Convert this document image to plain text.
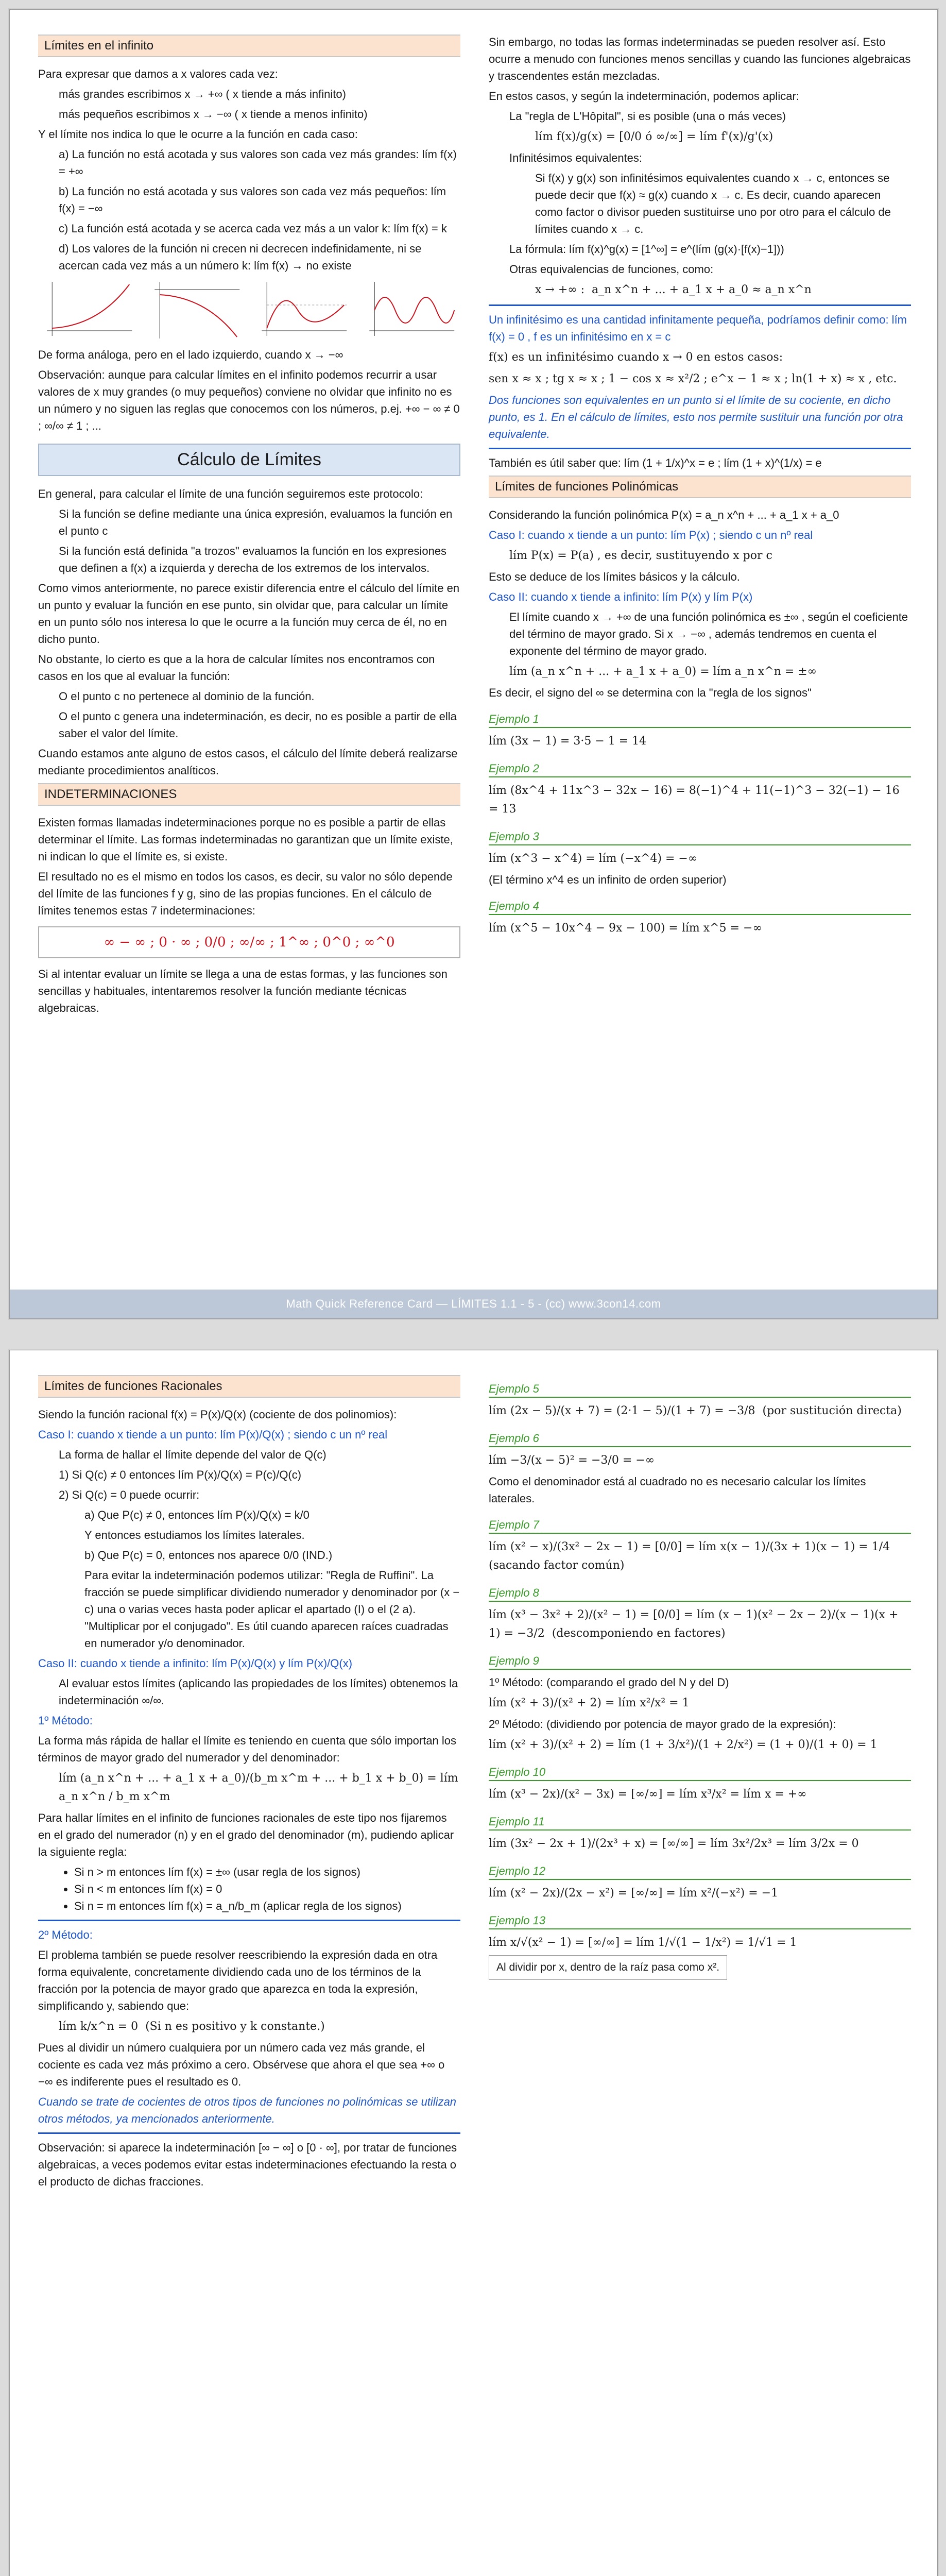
Límites en el infinito

Para expresar que damos a x valores cada vez:

más grandes escribimos x → +∞ ( x tiende a más infinito)

más pequeños escribimos x → −∞ ( x tiende a menos infinito)

Y el límite nos indica lo que le ocurre a la función en cada caso:

a) La función no está acotada y sus valores son cada vez más grandes: lím f(x) = +∞

b) La función no está acotada y sus valores son cada vez más pequeños: lím f(x) = −∞

c) La función está acotada y se acerca cada vez más a un valor k: lím f(x) = k

d) Los valores de la función ni crecen ni decrecen indefinidamente, ni se acercan cada vez más a un número k: lím f(x) → no existe

De forma análoga, pero en el lado izquierdo, cuando x → −∞

Observación: aunque para calcular límites en el infinito podemos recurrir a usar valores de x muy grandes (o muy pequeños) conviene no olvidar que infinito no es un número y no siguen las reglas que conocemos con los números, p.ej. +∞ − ∞ ≠ 0 ; ∞/∞ ≠ 1 ; ...

Cálculo de Límites

En general, para calcular el límite de una función seguiremos este protocolo:

Si la función se define mediante una única expresión, evaluamos la función en el punto c

Si la función está definida "a trozos" evaluamos la función en los expresiones que definen a f(x) a izquierda y derecha de los extremos de los intervalos.

Como vimos anteriormente, no parece existir diferencia entre el cálculo del límite en un punto y evaluar la función en ese punto, sin olvidar que, para calcular un límite en un punto sólo nos interesa lo que le ocurre a la función muy cerca de él, no en dicho punto.

No obstante, lo cierto es que a la hora de calcular límites nos encontramos con casos en los que al evaluar la función:

O el punto c no pertenece al dominio de la función.

O el punto c genera una indeterminación, es decir, no es posible a partir de ella saber el valor del límite.

Cuando estamos ante alguno de estos casos, el cálculo del límite deberá realizarse mediante procedimientos analíticos.

INDETERMINACIONES

Existen formas llamadas indeterminaciones porque no es posible a partir de ellas determinar el límite. Las formas indeterminadas no garantizan que un límite existe, ni indican lo que el límite es, si existe.

El resultado no es el mismo en todos los casos, es decir, su valor no sólo depende del límite de las funciones f y g, sino de las propias funciones. En el cálculo de límites tenemos estas 7 indeterminaciones:

∞ − ∞ ; 0 · ∞ ; 0/0 ; ∞/∞ ; 1^∞ ; 0^0 ; ∞^0

Si al intentar evaluar un límite se llega a una de estas formas, y las funciones son sencillas y habituales, intentaremos resolver la función mediante técnicas algebraicas.

Sin embargo, no todas las formas indeterminadas se pueden resolver así. Esto ocurre a menudo con funciones menos sencillas y cuando las funciones algebraicas y trascendentes están mezcladas.

En estos casos, y según la indeterminación, podemos aplicar:

La "regla de L'Hôpital", si es posible (una o más veces)

lím f(x)/g(x) = [0/0 ó ∞/∞] = lím f'(x)/g'(x)

Infinitésimos equivalentes:

Si f(x) y g(x) son infinitésimos equivalentes cuando x → c, entonces se puede decir que f(x) ≈ g(x) cuando x → c. Es decir, cuando aparecen como factor o divisor pueden sustituirse uno por otro para el cálculo de límites cuando x → c.

La fórmula: lím f(x)^g(x) = [1^∞] = e^(lím (g(x)·[f(x)−1]))

Otras equivalencias de funciones, como:

x → +∞ :  a_n x^n + ... + a_1 x + a_0 ≈ a_n x^n

Un infinitésimo es una cantidad infinitamente pequeña, podríamos definir como: lím f(x) = 0 , f es un infinitésimo en x = c

f(x) es un infinitésimo cuando x → 0 en estos casos:
sen x ≈ x ; tg x ≈ x ; 1 − cos x ≈ x²/2 ; e^x − 1 ≈ x ; ln(1 + x) ≈ x , etc.

Dos funciones son equivalentes en un punto si el límite de su cociente, en dicho punto, es 1. En el cálculo de límites, esto nos permite sustituir una función por otra equivalente.

También es útil saber que: lím (1 + 1/x)^x = e ; lím (1 + x)^(1/x) = e

Límites de funciones Polinómicas

Considerando la función polinómica P(x) = a_n x^n + ... + a_1 x + a_0

Caso I: cuando x tiende a un punto: lím P(x) ; siendo c un nº real

lím P(x) = P(a) , es decir, sustituyendo x por c

Esto se deduce de los límites básicos y la cálculo.

Caso II: cuando x tiende a infinito: lím P(x) y lím P(x)

El límite cuando x → +∞ de una función polinómica es ±∞ , según el coeficiente del término de mayor grado. Si x → −∞ , además tendremos en cuenta el exponente del término de mayor grado.

lím (a_n x^n + ... + a_1 x + a_0) = lím a_n x^n = ±∞

Es decir, el signo del ∞ se determina con la "regla de los signos"

Ejemplo 1
lím (3x − 1) = 3·5 − 1 = 14
Ejemplo 2
lím (8x^4 + 11x^3 − 32x − 16) = 8(−1)^4 + 11(−1)^3 − 32(−1) − 16 = 13
Ejemplo 3
lím (x^3 − x^4) = lím (−x^4) = −∞

(El término x^4 es un infinito de orden superior)

Ejemplo 4
lím (x^5 − 10x^4 − 9x − 100) = lím x^5 = −∞
Math Quick Reference Card — LÍMITES 1.1 - 5 - (cc) www.3con14.com
Límites de funciones Racionales

Siendo la función racional f(x) = P(x)/Q(x) (cociente de dos polinomios):

Caso I: cuando x tiende a un punto: lím P(x)/Q(x) ; siendo c un nº real

La forma de hallar el límite depende del valor de Q(c)

1) Si Q(c) ≠ 0 entonces lím P(x)/Q(x) = P(c)/Q(c)

2) Si Q(c) = 0 puede ocurrir:

a) Que P(c) ≠ 0, entonces lím P(x)/Q(x) = k/0

Y entonces estudiamos los límites laterales.

b) Que P(c) = 0, entonces nos aparece 0/0 (IND.)

Para evitar la indeterminación podemos utilizar: "Regla de Ruffini". La fracción se puede simplificar dividiendo numerador y denominador por (x − c) una o varias veces hasta poder aplicar el apartado (I) o el (2 a). "Multiplicar por el conjugado". Es útil cuando aparecen raíces cuadradas en numerador y/o denominador.

Caso II: cuando x tiende a infinito: lím P(x)/Q(x) y lím P(x)/Q(x)

Al evaluar estos límites (aplicando las propiedades de los límites) obtenemos la indeterminación ∞/∞.

1º Método:

La forma más rápida de hallar el límite es teniendo en cuenta que sólo importan los términos de mayor grado del numerador y del denominador:

lím (a_n x^n + ... + a_1 x + a_0)/(b_m x^m + ... + b_1 x + b_0) = lím a_n x^n / b_m x^m

Para hallar límites en el infinito de funciones racionales de este tipo nos fijaremos en el grado del numerador (n) y en el grado del denominador (m), pudiendo aplicar la siguiente regla:

• Si n > m entonces lím f(x) = ±∞ (usar regla de los signos)
• Si n < m entonces lím f(x) = 0
• Si n = m entonces lím f(x) = a_n/b_m (aplicar regla de los signos)

2º Método:

El problema también se puede resolver reescribiendo la expresión dada en otra forma equivalente, concretamente dividiendo cada uno de los términos de la fracción por la potencia de mayor grado que aparezca en toda la expresión, simplificando y, sabiendo que:

lím k/x^n = 0  (Si n es positivo y k constante.)

Pues al dividir un número cualquiera por un número cada vez más grande, el cociente es cada vez más próximo a cero. Obsérvese que ahora el que sea +∞ o −∞ es indiferente pues el resultado es 0.

Cuando se trate de cocientes de otros tipos de funciones no polinómicas se utilizan otros métodos, ya mencionados anteriormente.

Observación: si aparece la indeterminación [∞ − ∞] o [0 · ∞], por tratar de funciones algebraicas, a veces podemos evitar estas indeterminaciones efectuando la resta o el producto de dichas fracciones.

Ejemplo 5
lím (2x − 5)/(x + 7) = (2·1 − 5)/(1 + 7) = −3/8  (por sustitución directa)
Ejemplo 6
lím −3/(x − 5)² = −3/0 = −∞

Como el denominador está al cuadrado no es necesario calcular los límites laterales.

Ejemplo 7
lím (x² − x)/(3x² − 2x − 1) = [0/0] = lím x(x − 1)/(3x + 1)(x − 1) = 1/4  (sacando factor común)
Ejemplo 8
lím (x³ − 3x² + 2)/(x² − 1) = [0/0] = lím (x − 1)(x² − 2x − 2)/(x − 1)(x + 1) = −3/2  (descomponiendo en factores)
Ejemplo 9

1º Método: (comparando el grado del N y del D)

lím (x² + 3)/(x² + 2) = lím x²/x² = 1

2º Método: (dividiendo por potencia de mayor grado de la expresión):

lím (x² + 3)/(x² + 2) = lím (1 + 3/x²)/(1 + 2/x²) = (1 + 0)/(1 + 0) = 1
Ejemplo 10
lím (x³ − 2x)/(x² − 3x) = [∞/∞] = lím x³/x² = lím x = +∞
Ejemplo 11
lím (3x² − 2x + 1)/(2x³ + x) = [∞/∞] = lím 3x²/2x³ = lím 3/2x = 0
Ejemplo 12
lím (x² − 2x)/(2x − x²) = [∞/∞] = lím x²/(−x²) = −1
Ejemplo 13
lím x/√(x² − 1) = [∞/∞] = lím 1/√(1 − 1/x²) = 1/√1 = 1
Al dividir por x, dentro de la raíz pasa como x².
